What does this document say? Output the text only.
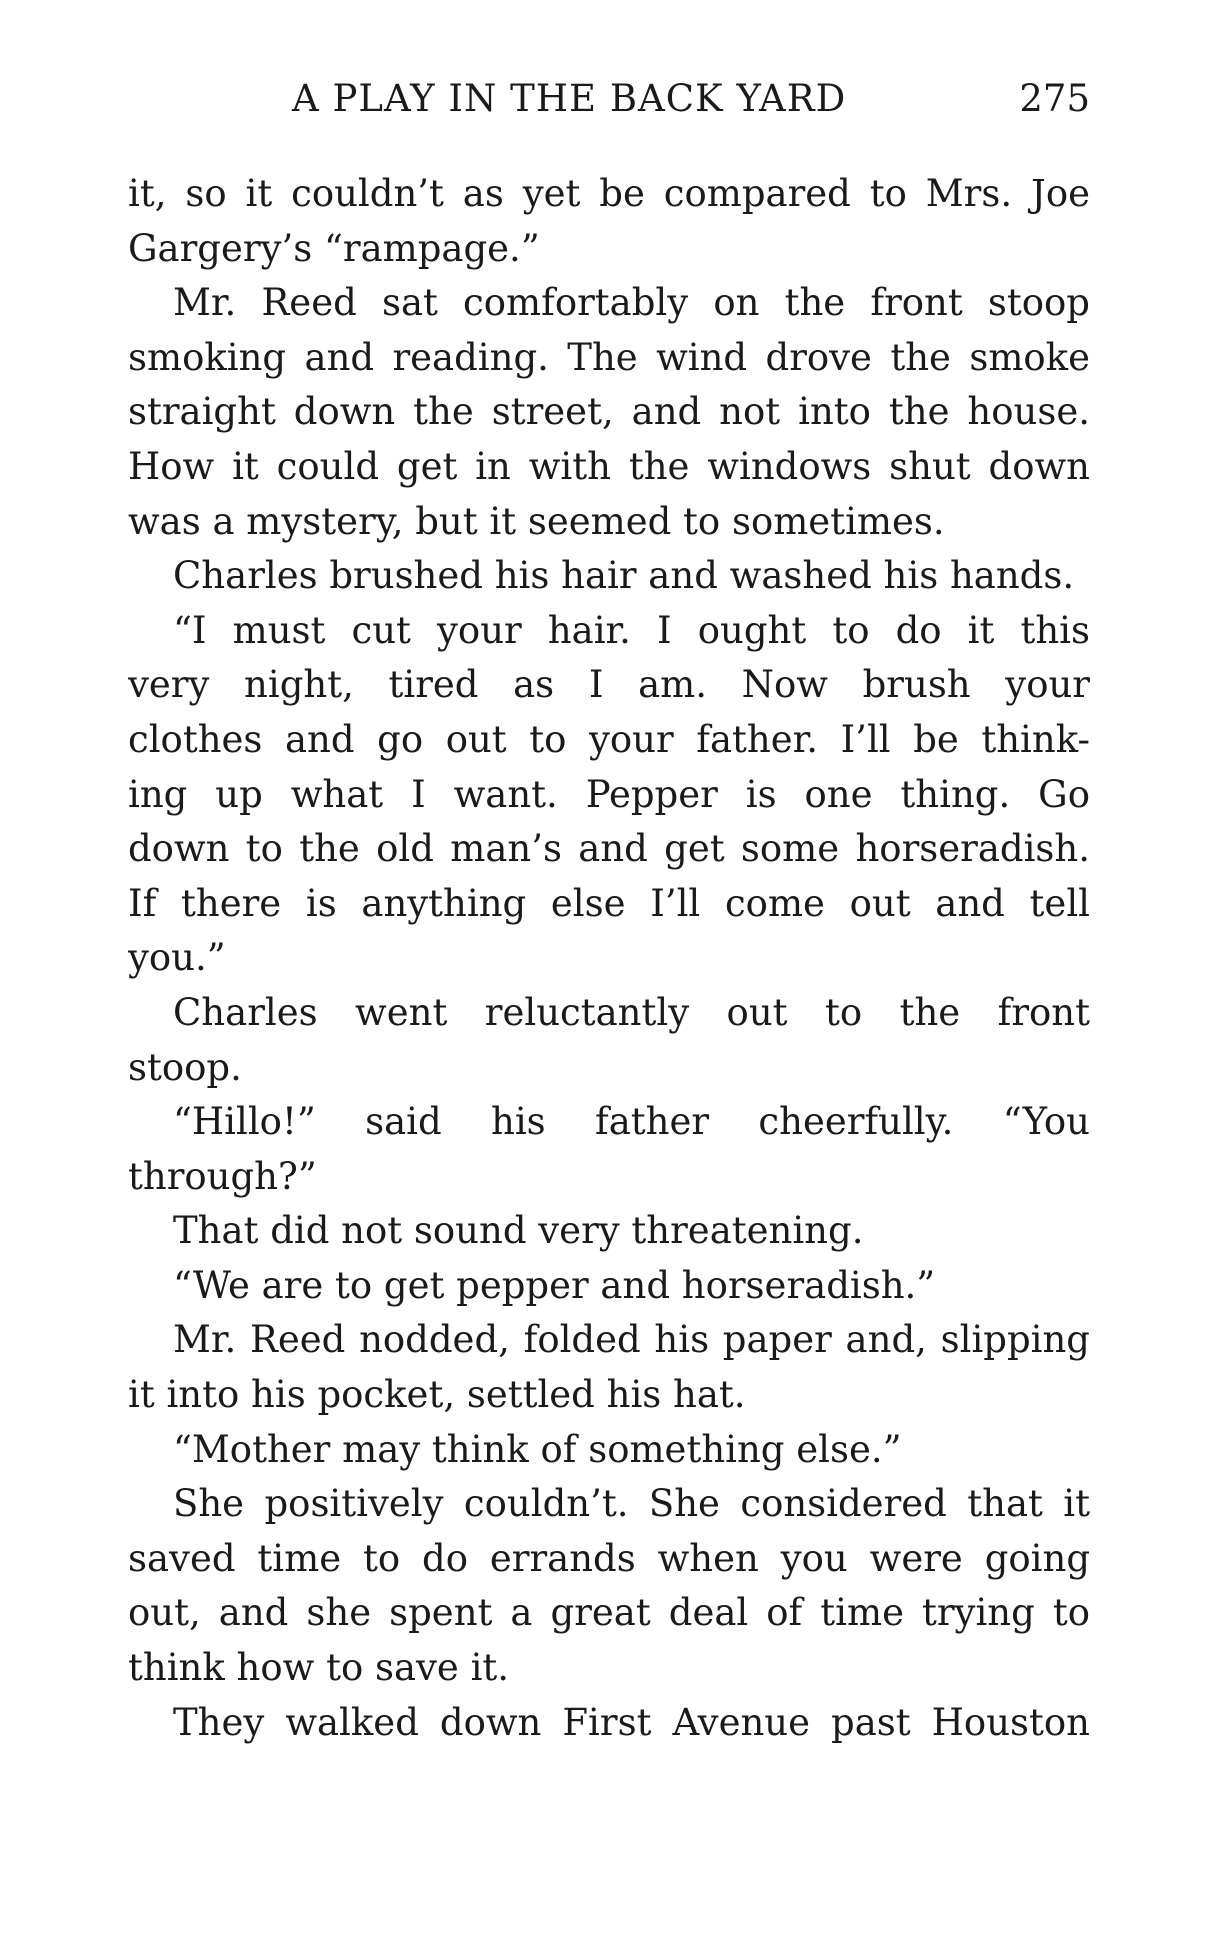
A PLAY IN THE BACK YARD	275
it, so it couldn’t as yet be compared to Mrs. Joe
Gargery’s “rampage.”
Mr. Reed sat comfortably on the front stoop
smoking and reading. The wind drove the smoke
straight down the street, and not into the house.
How it could get in with the windows shut down
was a mystery, but it seemed to sometimes.
Charles brushed his hair and washed his hands.
“I must cut your hair. I ought to do it this
very night, tired as I am. Now brush your
clothes and go out to your father. I’ll be think-
ing up what I want. Pepper is one thing. Go
down to the old man’s and get some horseradish.
If there is anything else I’ll come out and tell
you.”
Charles went reluctantly out to the front
stoop.
“Hillo!” said his father cheerfully. “You
through?”
That did not sound very threatening.
“We are to get pepper and horseradish.”
Mr. Reed nodded, folded his paper and, slipping
it into his pocket, settled his hat.
“Mother may think of something else.”
She positively couldn’t. She considered that it
saved time to do errands when you were going
out, and she spent a great deal of time trying to
think how to save it.
They walked down First Avenue past Houston
